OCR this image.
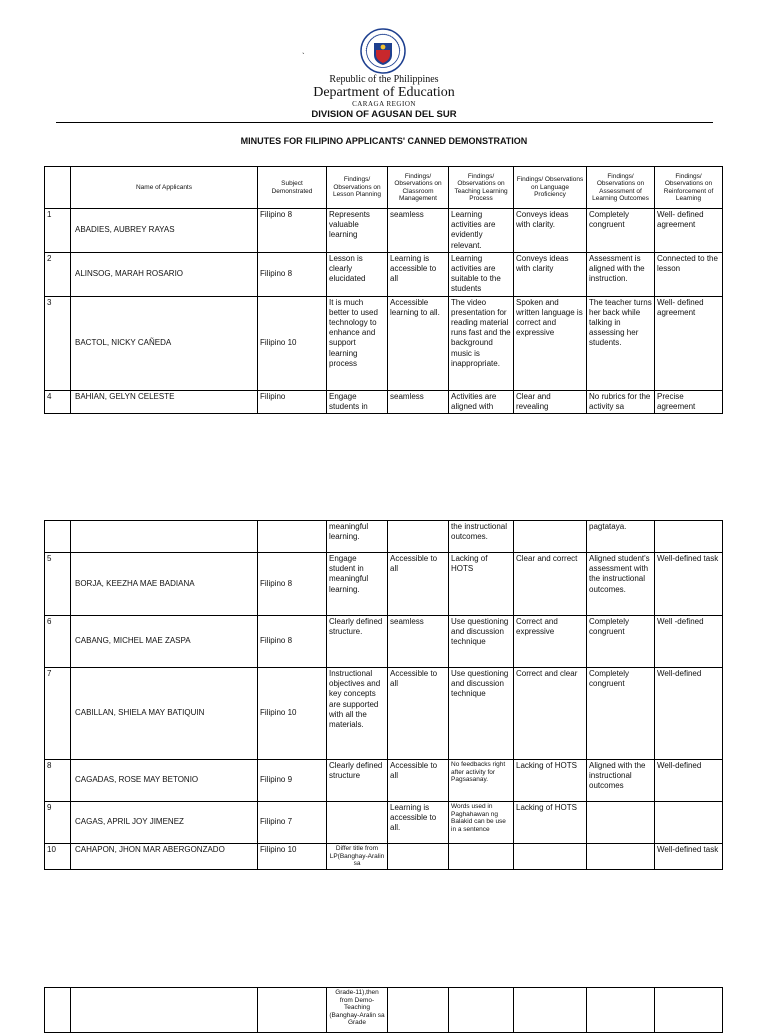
`
Republic of the Philippines
Department of Education
CARAGA REGION
DIVISION OF AGUSAN DEL SUR
MINUTES FOR FILIPINO APPLICANTS' CANNED DEMONSTRATION
	Name of Applicants	Subject Demonstrated	Findings/ Observations on Lesson Planning	Findings/ Observations on Classroom Management	Findings/ Observations on Teaching Learning Process	Findings/ Observations on Language Proficiency	Findings/ Observations on Assessment of Learning Outcomes	Findings/ Observations on Reinforcement of Learning
1	ABADIES, AUBREY RAYAS	Filipino 8	Represents valuable learning	seamless	Learning activities are evidently relevant.	Conveys ideas with clarity.	Completely congruent	Well- defined agreement
2	ALINSOG, MARAH ROSARIO	Filipino 8	Lesson is clearly elucidated	Learning is accessible to all	Learning activities are suitable to the students	Conveys ideas with clarity	Assessment is aligned with the instruction.	Connected to the lesson
3	BACTOL, NICKY CAÑEDA	Filipino 10	It is much better to used technology to enhance and support learning process	Accessible learning to all.	The video presentation for reading material runs fast and the background music is inappropriate.	Spoken and written language is correct and expressive	The teacher turns her back while talking in assessing her students.	Well- defined agreement
4	BAHIAN, GELYN CELESTE	Filipino	Engage students in	seamless	Activities are aligned with	Clear and revealing	No rubrics for the activity sa	Precise agreement
			meaningful learning.		the instructional outcomes.		pagtataya.	
5	BORJA, KEEZHA MAE BADIANA	Filipino 8	Engage student in meaningful learning.	Accessible to all	Lacking of HOTS	Clear and correct	Aligned student's assessment with the instructional outcomes.	Well-defined task
6	CABANG, MICHEL MAE ZASPA	Filipino 8	Clearly defined structure.	seamless	Use questioning and discussion technique	Correct and expressive	Completely congruent	Well -defined
7	CABILLAN, SHIELA MAY BATIQUIN	Filipino 10	Instructional objectives and key concepts are supported with all the materials.	Accessible to all	Use questioning and discussion technique	Correct and clear	Completely congruent	Well-defined
8	CAGADAS, ROSE MAY BETONIO	Filipino 9	Clearly defined structure	Accessible to all	No feedbacks right after activity for Pagsasanay.	Lacking of HOTS	Aligned with the instructional outcomes	Well-defined
9	CAGAS, APRIL JOY JIMENEZ	Filipino 7		Learning is accessible to all.	Words used in Paghahawan ng Balakid can be use in a sentence	Lacking of HOTS		
10	CAHAPON, JHON MAR ABERGONZADO	Filipino 10	Differ title from LP(Banghay-Aralin sa					Well-defined task
			Grade-11),then from Demo-Teaching (Banghay-Aralin sa Grade					
